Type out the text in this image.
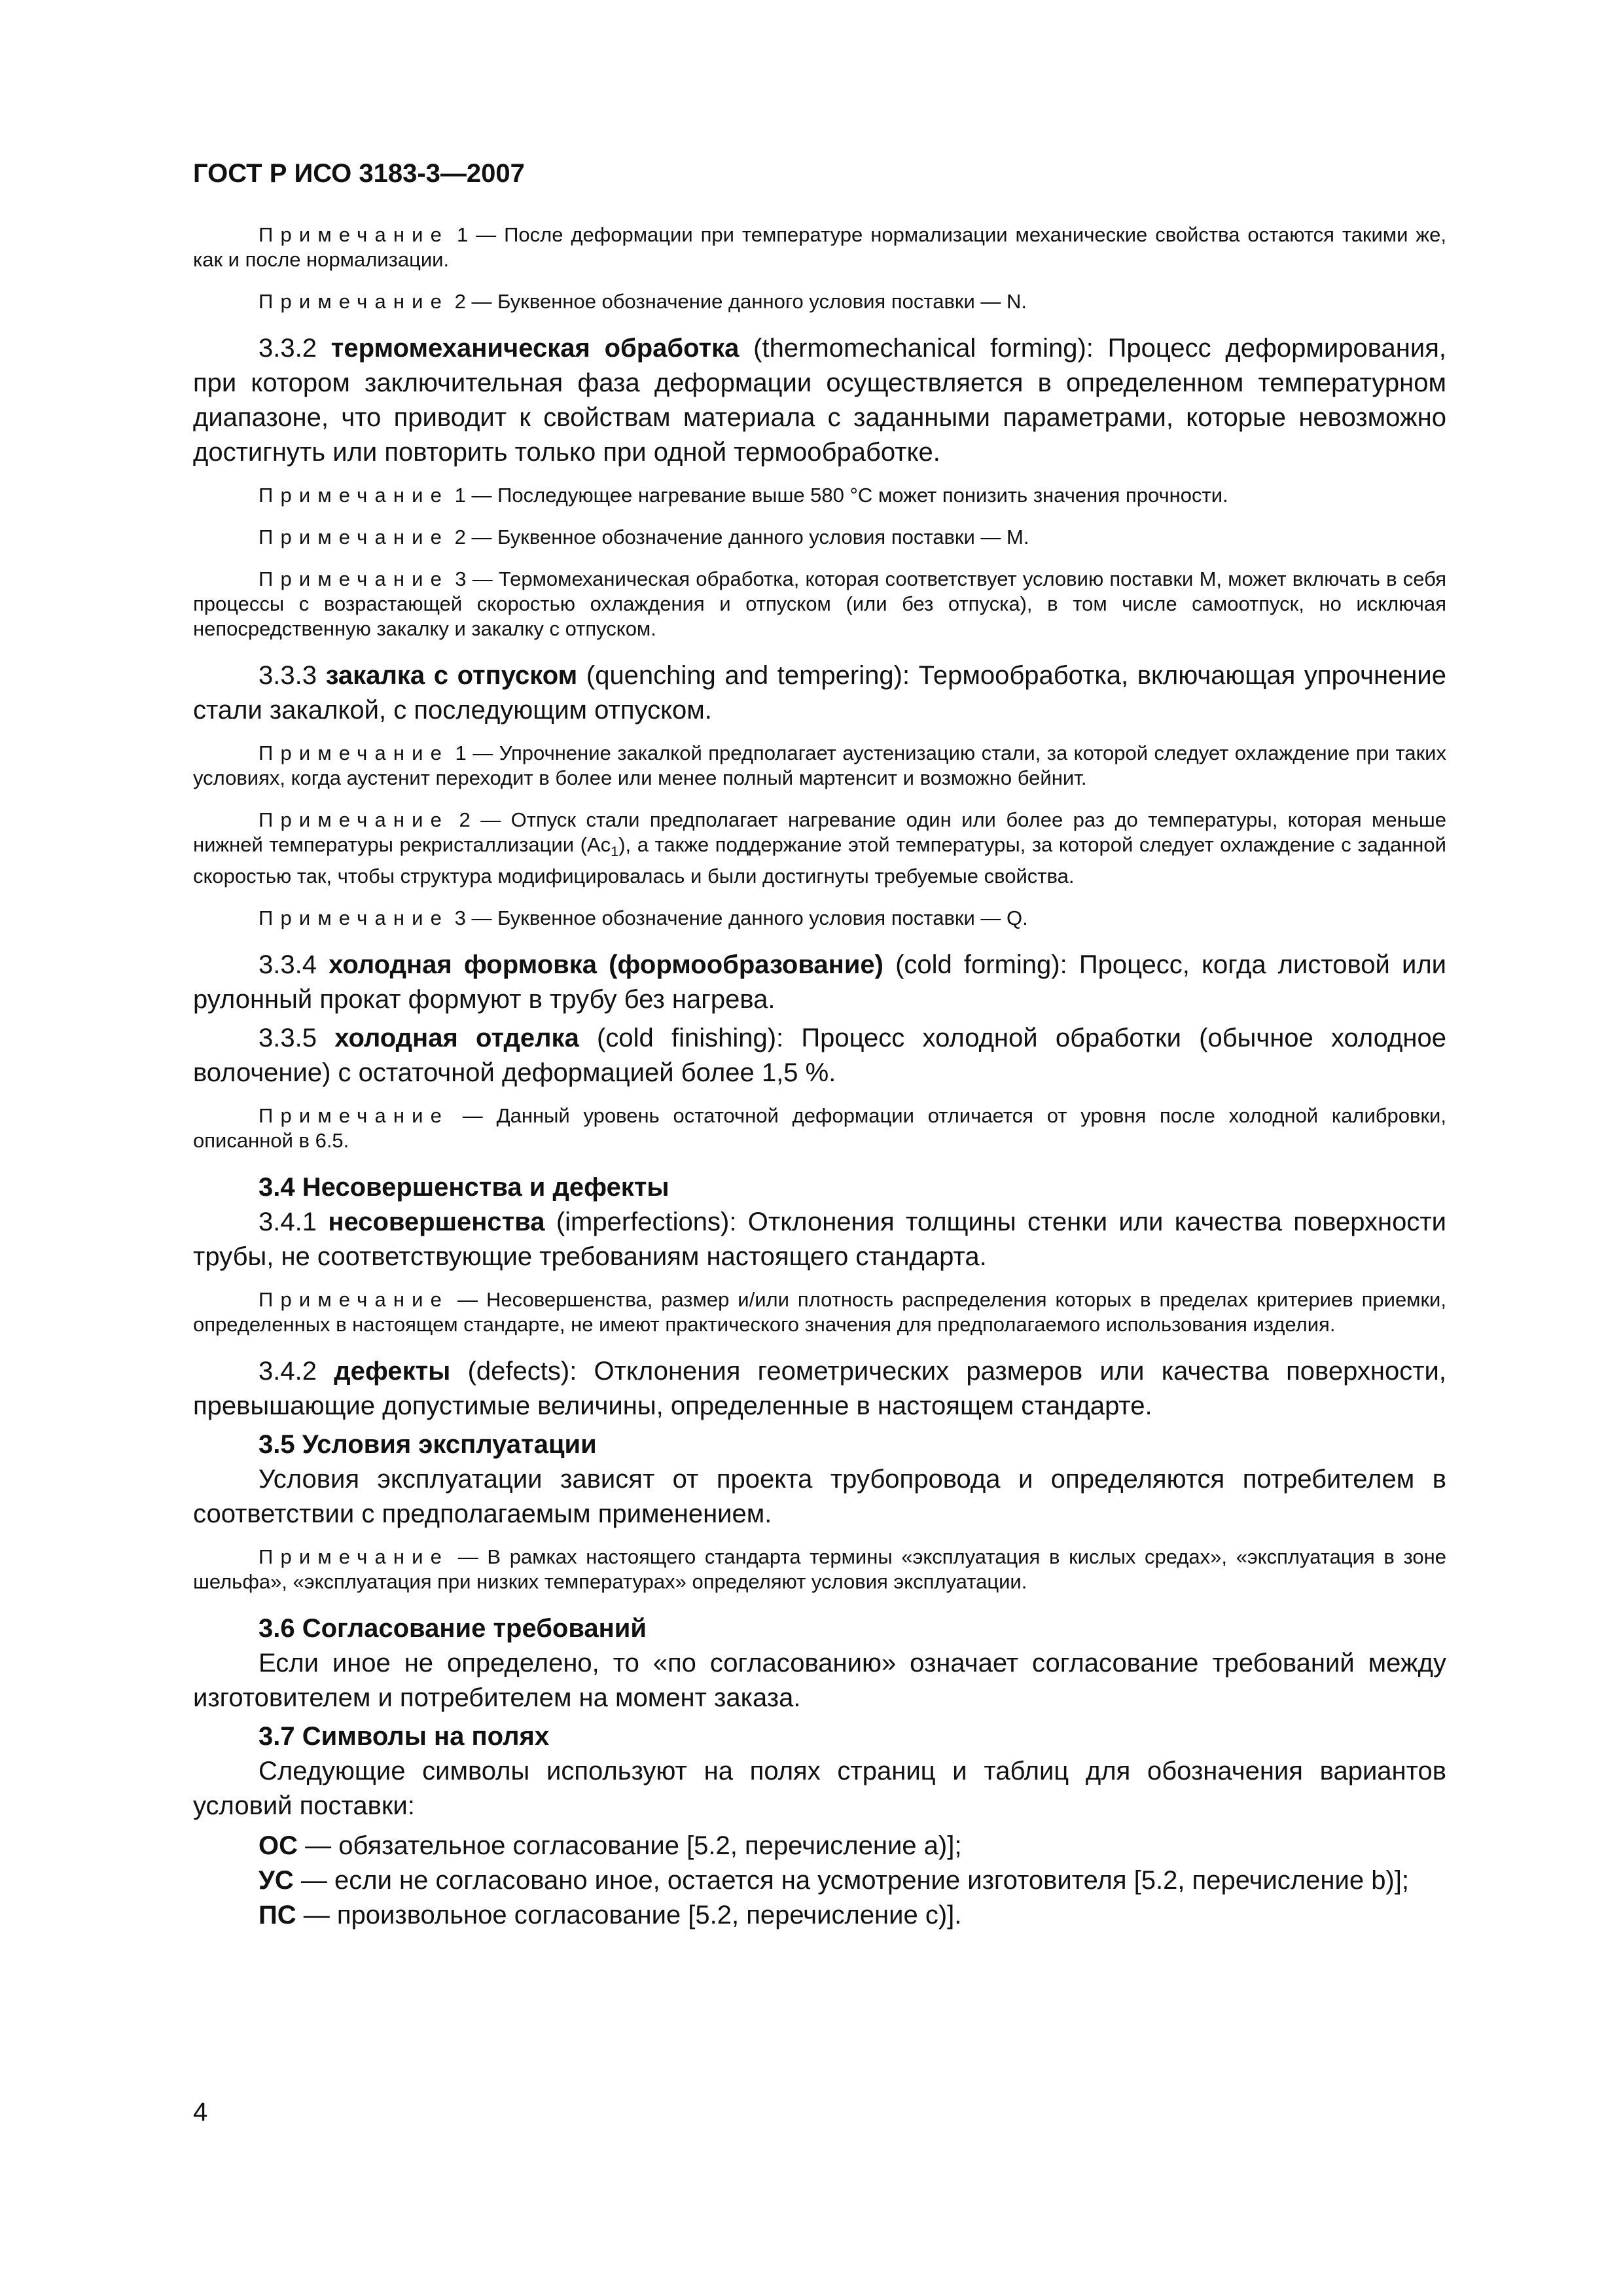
ГОСТ Р ИСО 3183-3—2007

Примечание 1 — После деформации при температуре нормализации механические свойства остаются такими же, как и после нормализации.

Примечание 2 — Буквенное обозначение данного условия поставки — N.

3.3.2 термомеханическая обработка (thermomechanical forming): Процесс деформирования, при котором заключительная фаза деформации осуществляется в определенном температурном диапазоне, что приводит к свойствам материала с заданными параметрами, которые невозможно достигнуть или повторить только при одной термообработке.

Примечание 1 — Последующее нагревание выше 580 °С может понизить значения прочности.

Примечание 2 — Буквенное обозначение данного условия поставки — М.

Примечание 3 — Термомеханическая обработка, которая соответствует условию поставки М, может включать в себя процессы с возрастающей скоростью охлаждения и отпуском (или без отпуска), в том числе самоотпуск, но исключая непосредственную закалку и закалку с отпуском.

3.3.3 закалка с отпуском (quenching and tempering): Термообработка, включающая упрочнение стали закалкой, с последующим отпуском.

Примечание 1 — Упрочнение закалкой предполагает аустенизацию стали, за которой следует охлаждение при таких условиях, когда аустенит переходит в более или менее полный мартенсит и возможно бейнит.

Примечание 2 — Отпуск стали предполагает нагревание один или более раз до температуры, которая меньше нижней температуры рекристаллизации $(Ас_1)$, а также поддержание этой температуры, за которой следует охлаждение с заданной скоростью так, чтобы структура модифицировалась и были достигнуты требуемые свойства.

Примечание 3 — Буквенное обозначение данного условия поставки — Q.

3.3.4 холодная формовка (формообразование) (cold forming): Процесс, когда листовой или рулонный прокат формуют в трубу без нагрева.

3.3.5 холодная отделка (cold finishing): Процесс холодной обработки (обычное холодное волочение) с остаточной деформацией более 1,5 %.

Примечание — Данный уровень остаточной деформации отличается от уровня после холодной калибровки, описанной в 6.5.

3.4 Несовершенства и дефекты

3.4.1 несовершенства (imperfections): Отклонения толщины стенки или качества поверхности трубы, не соответствующие требованиям настоящего стандарта.

Примечание — Несовершенства, размер и/или плотность распределения которых в пределах критериев приемки, определенных в настоящем стандарте, не имеют практического значения для предполагаемого использования изделия.

3.4.2 дефекты (defects): Отклонения геометрических размеров или качества поверхности, превышающие допустимые величины, определенные в настоящем стандарте.

3.5 Условия эксплуатации

Условия эксплуатации зависят от проекта трубопровода и определяются потребителем в соответствии с предполагаемым применением.

Примечание — В рамках настоящего стандарта термины «эксплуатация в кислых средах», «эксплуатация в зоне шельфа», «эксплуатация при низких температурах» определяют условия эксплуатации.

3.6 Согласование требований

Если иное не определено, то «по согласованию» означает согласование требований между изготовителем и потребителем на момент заказа.

3.7 Символы на полях

Следующие символы используют на полях страниц и таблиц для обозначения вариантов условий поставки:

ОС — обязательное согласование [5.2, перечисление а)];

УС — если не согласовано иное, остается на усмотрение изготовителя [5.2, перечисление b)];

ПС — произвольное согласование [5.2, перечисление с)].

4
